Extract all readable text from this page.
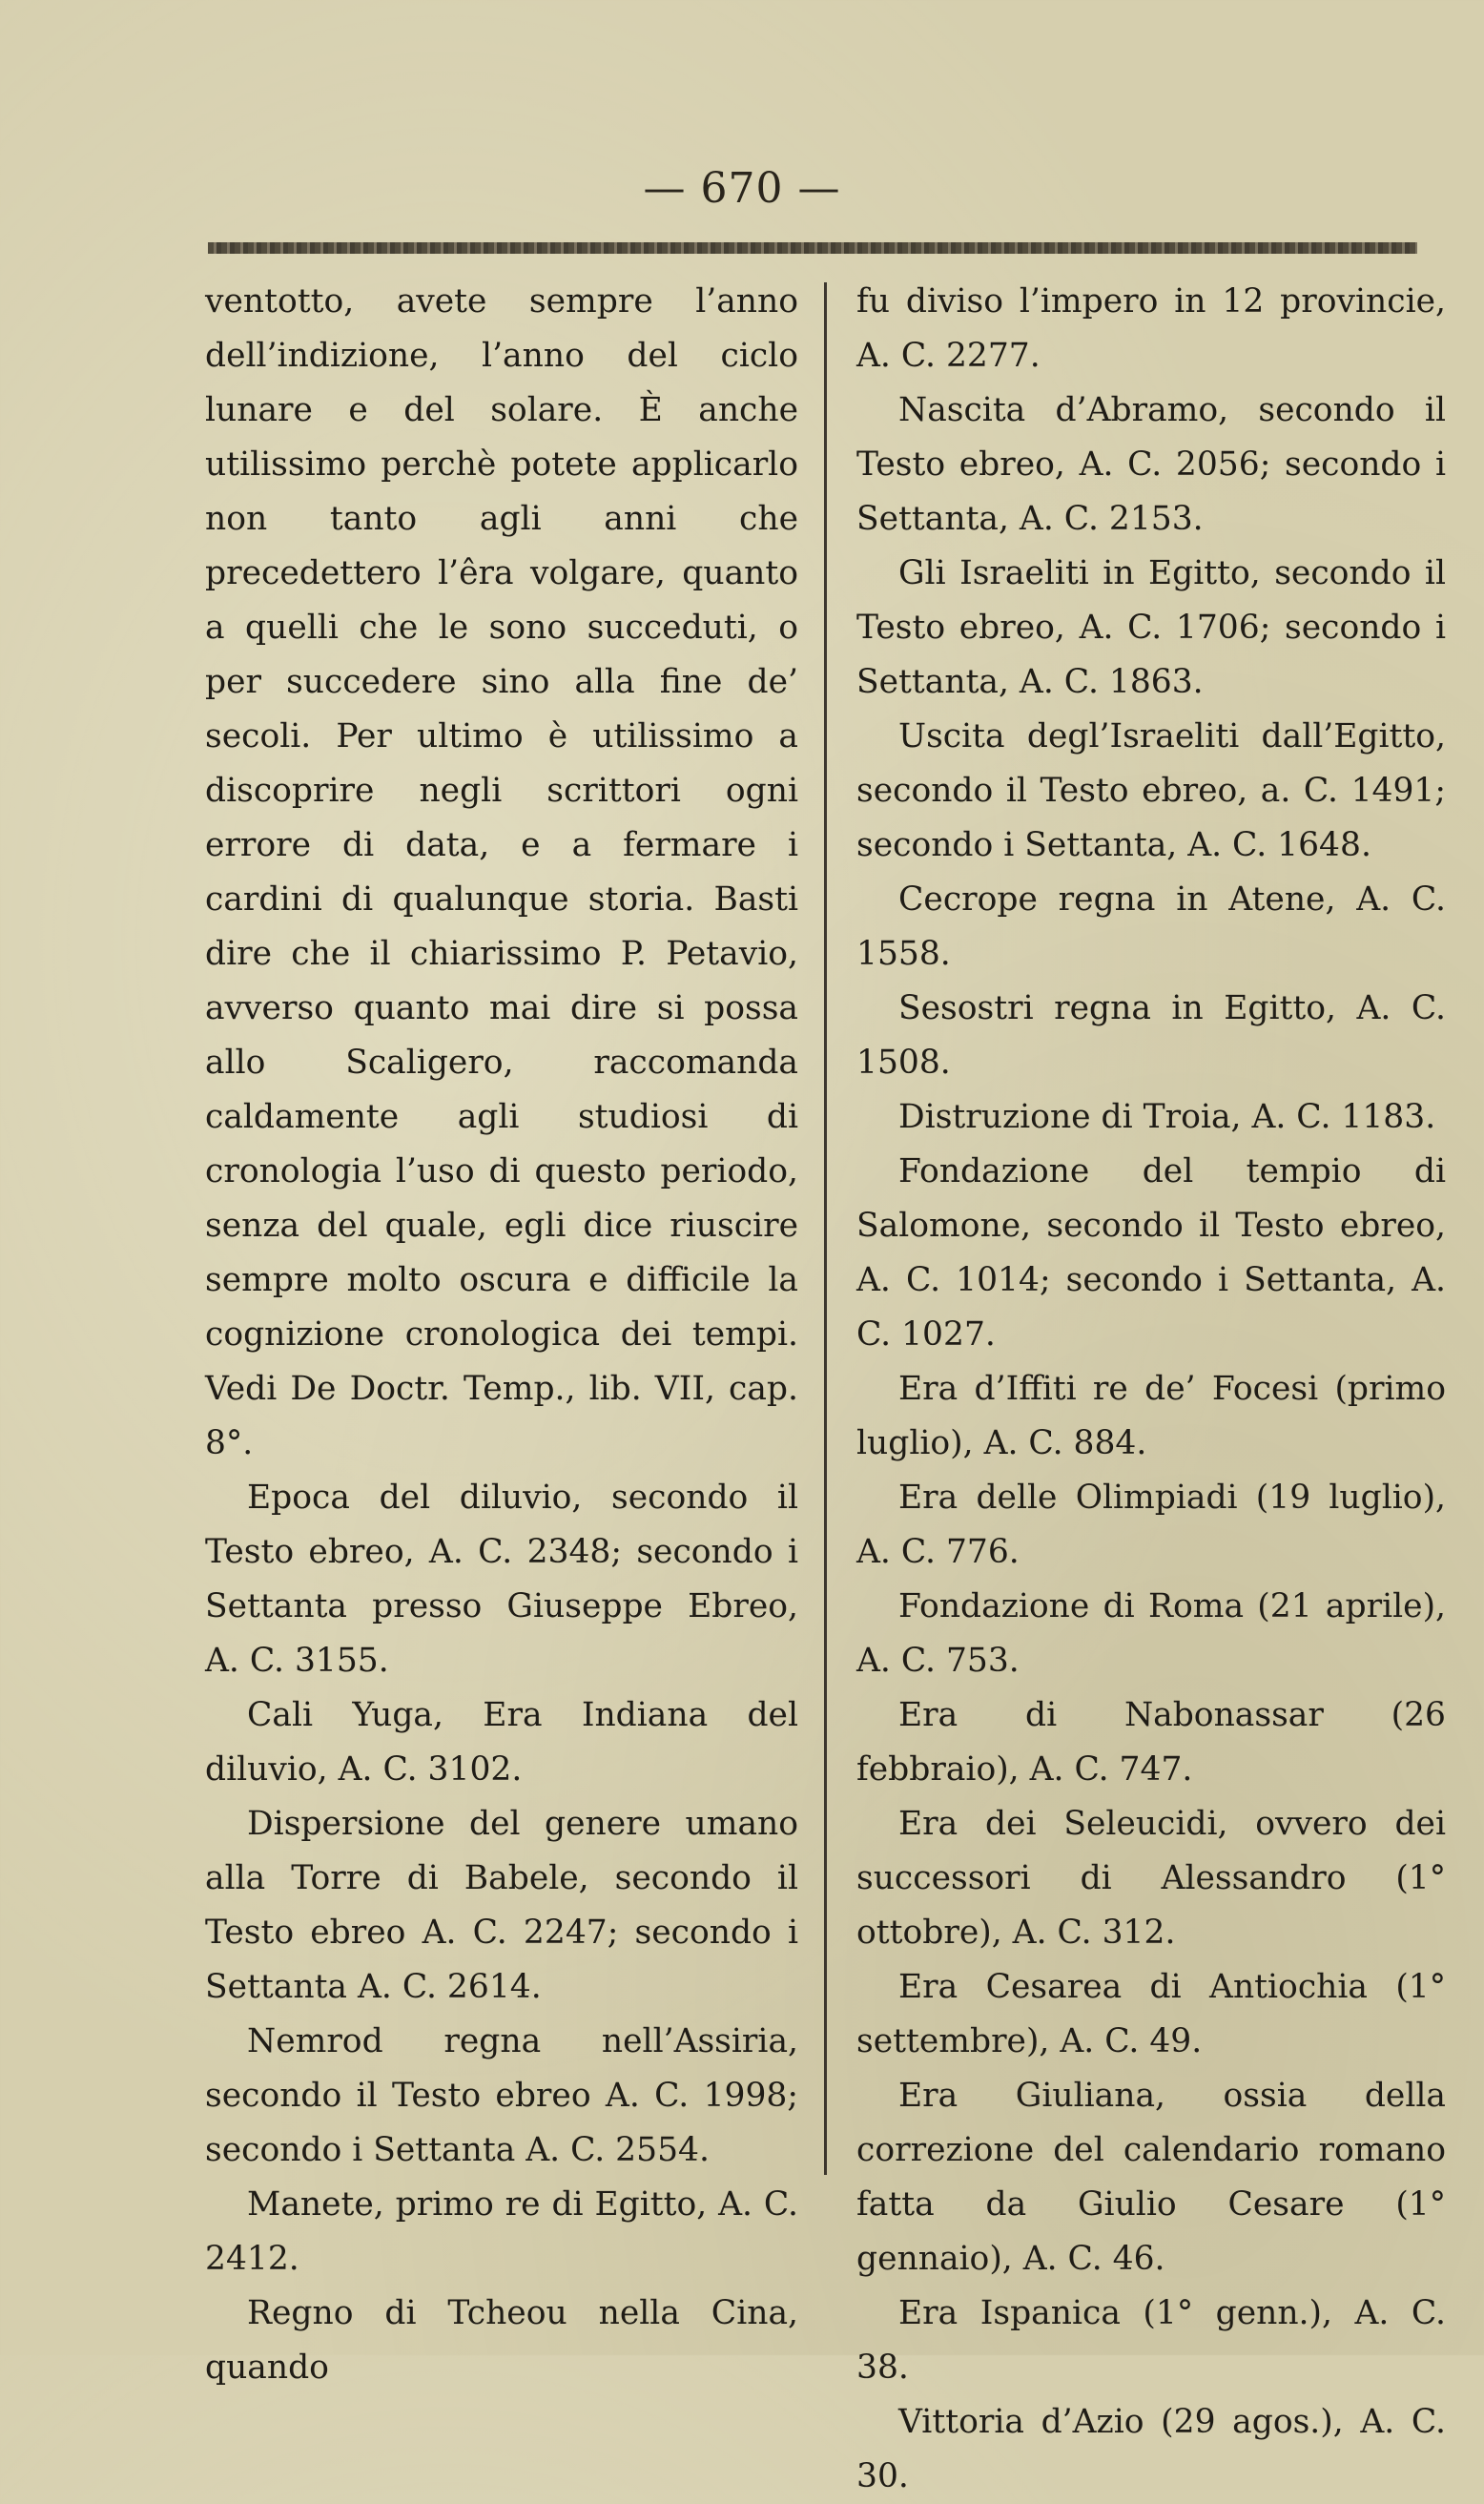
— 670 —

ventotto, avete sempre l’anno dell’indizione, l’anno del ciclo lunare e del solare. È anche utilissimo perchè potete applicarlo non tanto agli anni che precedettero l’êra volgare, quanto a quelli che le sono succeduti, o per succedere sino alla fine de’ secoli. Per ultimo è utilissimo a discoprire negli scrittori ogni errore di data, e a fermare i cardini di qualunque storia. Basti dire che il chiarissimo P. Petavio, avverso quanto mai dire si possa allo Scaligero, raccomanda caldamente agli studiosi di cronologia l’uso di questo periodo, senza del quale, egli dice riuscire sempre molto oscura e difficile la cognizione cronologica dei tempi. Vedi De Doctr. Temp., lib. VII, cap. 8°.

Epoca del diluvio, secondo il Testo ebreo, A. C. 2348; secondo i Settanta presso Giuseppe Ebreo, A. C. 3155.

Cali Yuga, Era Indiana del diluvio, A. C. 3102.

Dispersione del genere umano alla Torre di Babele, secondo il Testo ebreo A. C. 2247; secondo i Settanta A. C. 2614.

Nemrod regna nell’Assiria, secondo il Testo ebreo A. C. 1998; secondo i Settanta A. C. 2554.

Manete, primo re di Egitto, A. C. 2412.

Regno di Tcheou nella Cina, quando

fu diviso l’impero in 12 provincie, A. C. 2277.

Nascita d’Abramo, secondo il Testo ebreo, A. C. 2056; secondo i Settanta, A. C. 2153.

Gli Israeliti in Egitto, secondo il Testo ebreo, A. C. 1706; secondo i Settanta, A. C. 1863.

Uscita degl’Israeliti dall’Egitto, secondo il Testo ebreo, a. C. 1491; secondo i Settanta, A. C. 1648.

Cecrope regna in Atene, A. C. 1558.

Sesostri regna in Egitto, A. C. 1508.

Distruzione di Troia, A. C. 1183.

Fondazione del tempio di Salomone, secondo il Testo ebreo, A. C. 1014; secondo i Settanta, A. C. 1027.

Era d’Iffiti re de’ Focesi (primo luglio), A. C. 884.

Era delle Olimpiadi (19 luglio), A. C. 776.

Fondazione di Roma (21 aprile), A. C. 753.

Era di Nabonassar (26 febbraio), A. C. 747.

Era dei Seleucidi, ovvero dei successori di Alessandro (1° ottobre), A. C. 312.

Era Cesarea di Antiochia (1° settembre), A. C. 49.

Era Giuliana, ossia della correzione del calendario romano fatta da Giulio Cesare (1° gennaio), A. C. 46.

Era Ispanica (1° genn.), A. C. 38.

Vittoria d’Azio (29 agos.), A. C. 30.
